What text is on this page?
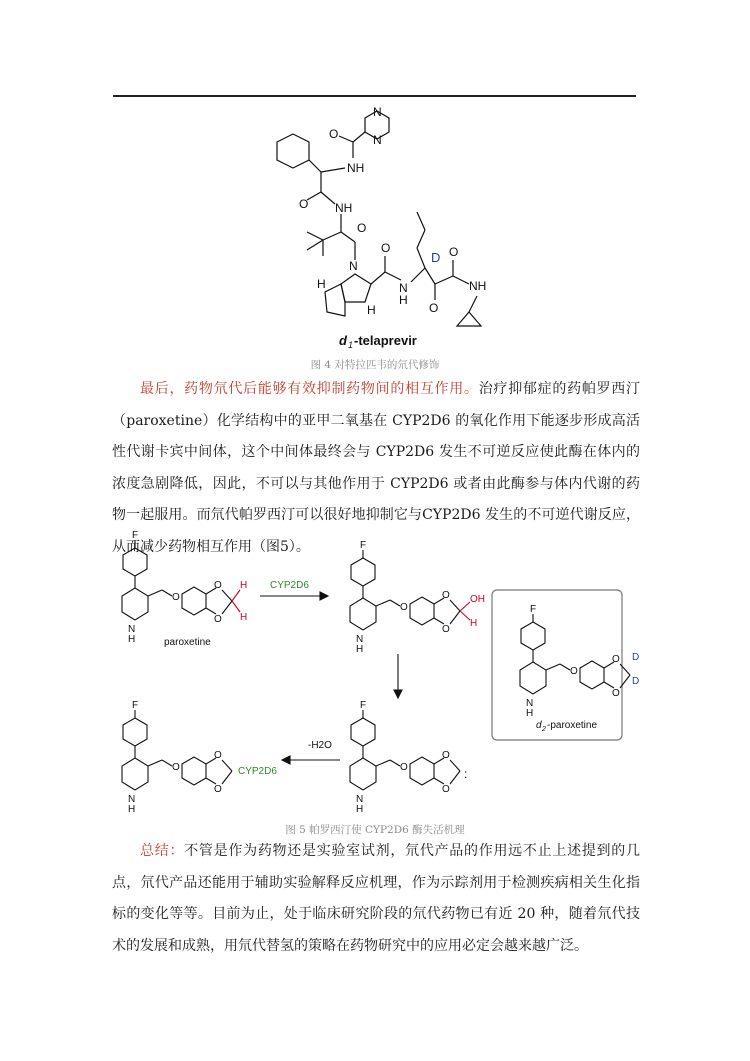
N
N
O
NH
O NH
O
N
H
H
O
N
H
D
O
O
NH
d 1 -telaprevir
图 4 对特拉匹韦的氘代修饰
最后，药物氘代后能够有效抑制药物间的相互作用。治疗抑郁症的药帕罗西汀（paroxetine）化学结构中的亚甲二氧基在 CYP2D6 的氧化作用下能逐步形成高活性代谢卡宾中间体，这个中间体最终会与 CYP2D6 发生不可逆反应使此酶在体内的浓度急剧降低，因此，不可以与其他作用于 CYP2D6 或者由此酶参与体内代谢的药物一起服用。而氘代帕罗西汀可以很好地抑制它与CYP2D6 发生的不可逆代谢反应，从而减少药物相互作用（图5）。
F
N
H
O
O
O
H
H
paroxetine
CYP2D6
OH
H
D
D
d 2 -paroxetine
:
-H2O
CYP2D6
图 5 帕罗西汀使 CYP2D6 酶失活机理
总结：不管是作为药物还是实验室试剂，氘代产品的作用远不止上述提到的几点，氘代产品还能用于辅助实验解释反应机理，作为示踪剂用于检测疾病相关生化指标的变化等等。目前为止，处于临床研究阶段的氘代药物已有近 20 种，随着氘代技术的发展和成熟，用氘代替氢的策略在药物研究中的应用必定会越来越广泛。
